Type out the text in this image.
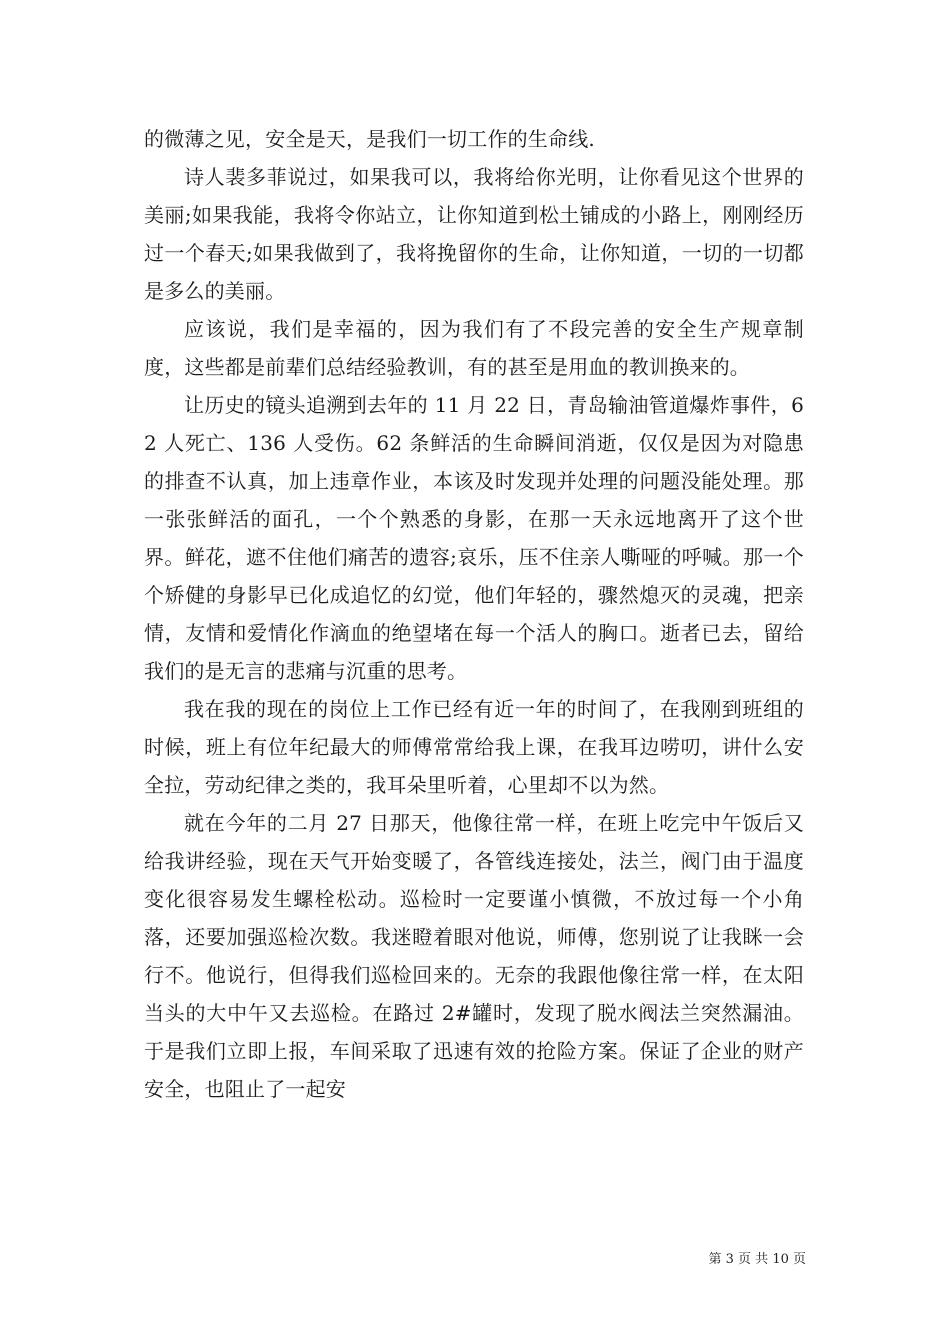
的微薄之见，安全是天，是我们一切工作的生命线.

诗人裴多菲说过，如果我可以，我将给你光明，让你看见这个世界的美丽;如果我能，我将令你站立，让你知道到松土铺成的小路上，刚刚经历过一个春天;如果我做到了，我将挽留你的生命，让你知道，一切的一切都是多么的美丽。

应该说，我们是幸福的，因为我们有了不段完善的安全生产规章制度，这些都是前辈们总结经验教训，有的甚至是用血的教训换来的。

让历史的镜头追溯到去年的 11 月 22 日，青岛输油管道爆炸事件，62 人死亡、136 人受伤。62 条鲜活的生命瞬间消逝，仅仅是因为对隐患的排查不认真，加上违章作业，本该及时发现并处理的问题没能处理。那一张张鲜活的面孔，一个个熟悉的身影，在那一天永远地离开了这个世界。鲜花，遮不住他们痛苦的遗容;哀乐，压不住亲人嘶哑的呼喊。那一个个矫健的身影早已化成追忆的幻觉，他们年轻的，骤然熄灭的灵魂，把亲情，友情和爱情化作滴血的绝望堵在每一个活人的胸口。逝者已去，留给我们的是无言的悲痛与沉重的思考。

我在我的现在的岗位上工作已经有近一年的时间了，在我刚到班组的时候，班上有位年纪最大的师傅常常给我上课，在我耳边唠叨，讲什么安全拉，劳动纪律之类的，我耳朵里听着，心里却不以为然。

就在今年的二月 27 日那天，他像往常一样，在班上吃完中午饭后又给我讲经验，现在天气开始变暖了，各管线连接处，法兰，阀门由于温度变化很容易发生螺栓松动。巡检时一定要谨小慎微，不放过每一个小角落，还要加强巡检次数。我迷瞪着眼对他说，师傅，您别说了让我眯一会行不。他说行，但得我们巡检回来的。无奈的我跟他像往常一样，在太阳当头的大中午又去巡检。在路过 2#罐时，发现了脱水阀法兰突然漏油。于是我们立即上报，车间采取了迅速有效的抢险方案。保证了企业的财产安全，也阻止了一起安

第 3 页 共 10 页
